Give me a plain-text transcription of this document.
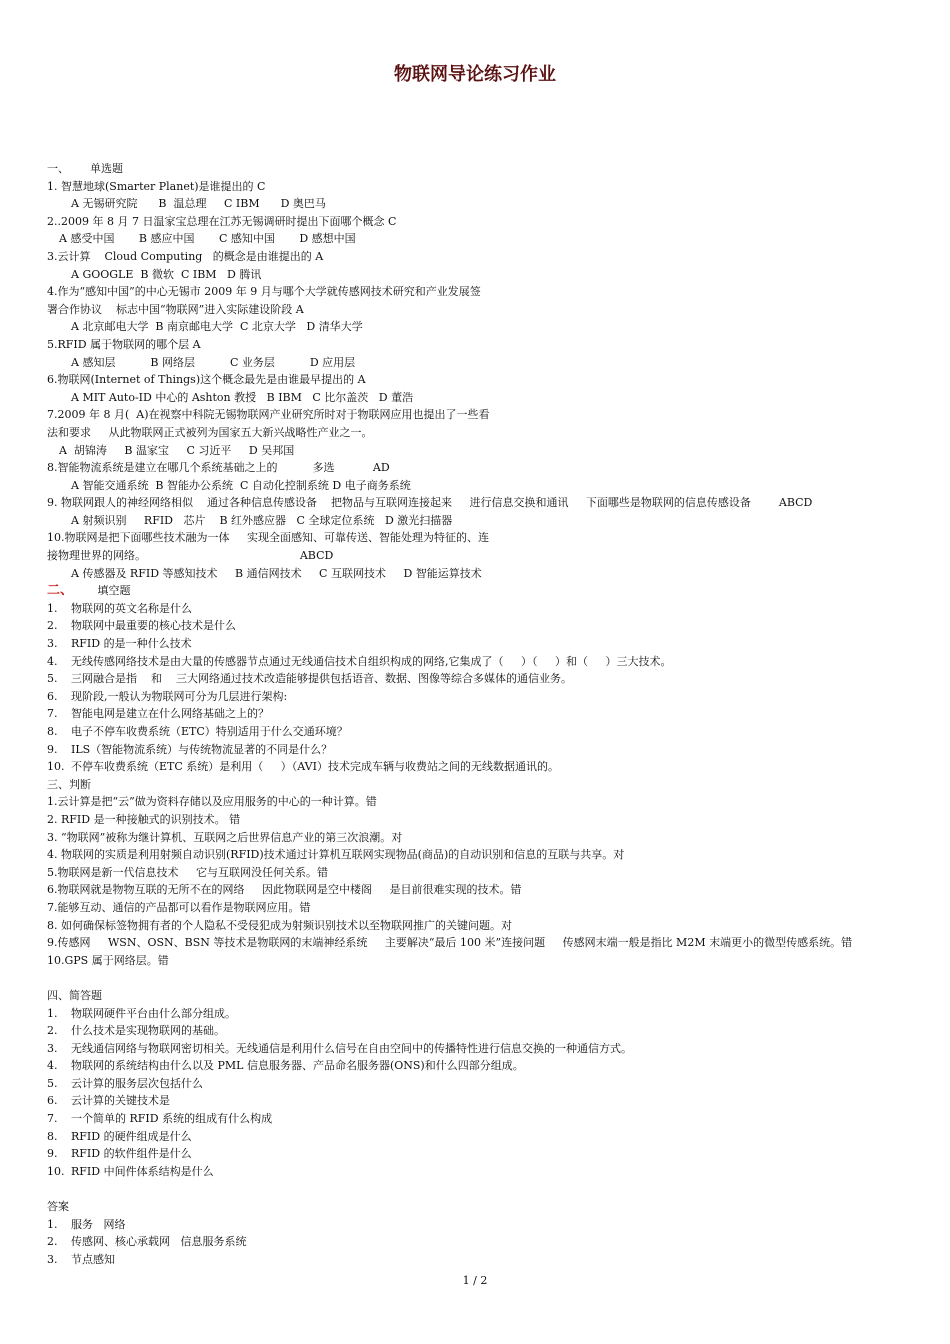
物联网导论练习作业
一、      单选题
1. 智慧地球(Smarter Planet)是谁提出的 C
A 无锡研究院      B  温总理     C IBM      D 奥巴马
2..2009 年 8 月 7 日温家宝总理在江苏无锡调研时提出下面哪个概念 C
A 感受中国       B 感应中国       C 感知中国       D 感想中国
3.云计算    Cloud Computing   的概念是由谁提出的 A
A GOOGLE  B 微软  C IBM   D 腾讯
4.作为“感知中国”的中心无锡市 2009 年 9 月与哪个大学就传感网技术研究和产业发展签
署合作协议    标志中国“物联网”进入实际建设阶段 A
A 北京邮电大学  B 南京邮电大学  C 北京大学   D 清华大学
5.RFID 属于物联网的哪个层 A
A 感知层          B 网络层          C 业务层          D 应用层
6.物联网(Internet of Things)这个概念最先是由谁最早提出的 A
A MIT Auto-ID 中心的 Ashton 教授   B IBM   C 比尔盖茨   D 董浩
7.2009 年 8 月(  A)在视察中科院无锡物联网产业研究所时对于物联网应用也提出了一些看
法和要求     从此物联网正式被列为国家五大新兴战略性产业之一。
A  胡锦涛     B 温家宝     C 习近平     D 吴邦国
8.智能物流系统是建立在哪几个系统基础之上的          多选           AD
A 智能交通系统  B 智能办公系统  C 自动化控制系统 D 电子商务系统
9. 物联网跟人的神经网络相似    通过各种信息传感设备    把物品与互联网连接起来     进行信息交换和通讯     下面哪些是物联网的信息传感设备        ABCD
A 射频识别     RFID   芯片    B 红外感应器   C 全球定位系统   D 激光扫描器
10.物联网是把下面哪些技术融为一体     实现全面感知、可靠传送、智能处理为特征的、连
接物理世界的网络。                                            ABCD
A 传感器及 RFID 等感知技术     B 通信网技术     C 互联网技术     D 智能运算技术
二、 填空题
1. 物联网的英文名称是什么
2. 物联网中最重要的核心技术是什么
3. RFID 的是一种什么技术
4. 无线传感网络技术是由大量的传感器节点通过无线通信技术自组织构成的网络,它集成了（     ）（     ）和（     ）三大技术。
5. 三网融合是指    和    三大网络通过技术改造能够提供包括语音、数据、图像等综合多媒体的通信业务。
6. 现阶段,一般认为物联网可分为几层进行架构:
7. 智能电网是建立在什么网络基础之上的？
8. 电子不停车收费系统（ETC）特别适用于什么交通环境？
9. ILS（智能物流系统）与传统物流显著的不同是什么？
10. 不停车收费系统（ETC 系统）是利用（     ）（AVI）技术完成车辆与收费站之间的无线数据通讯的。
三、判断
1.云计算是把“云”做为资料存储以及应用服务的中心的一种计算。错
2. RFID 是一种接触式的识别技术。 错
3. “物联网”被称为继计算机、互联网之后世界信息产业的第三次浪潮。对
4. 物联网的实质是利用射频自动识别(RFID)技术通过计算机互联网实现物品(商品)的自动识别和信息的互联与共享。对
5.物联网是新一代信息技术     它与互联网没任何关系。错
6.物联网就是物物互联的无所不在的网络     因此物联网是空中楼阁     是目前很难实现的技术。错
7.能够互动、通信的产品都可以看作是物联网应用。错
8. 如何确保标签物拥有者的个人隐私不受侵犯成为射频识别技术以至物联网推广的关键问题。对
9.传感网     WSN、OSN、BSN 等技术是物联网的末端神经系统     主要解决“最后 100 米”连接问题     传感网末端一般是指比 M2M 末端更小的微型传感系统。错
10.GPS 属于网络层。错
四、简答题
1. 物联网硬件平台由什么部分组成。
2. 什么技术是实现物联网的基础。
3. 无线通信网络与物联网密切相关。无线通信是利用什么信号在自由空间中的传播特性进行信息交换的一种通信方式。
4. 物联网的系统结构由什么以及 PML 信息服务器、产品命名服务器(ONS)和什么四部分组成。
5. 云计算的服务层次包括什么
6. 云计算的关键技术是
7. 一个简单的 RFID 系统的组成有什么构成
8. RFID 的硬件组成是什么
9. RFID 的软件组件是什么
10. RFID 中间件体系结构是什么
答案
1. 服务   网络
2. 传感网、核心承载网   信息服务系统
3. 节点感知
1 / 2
